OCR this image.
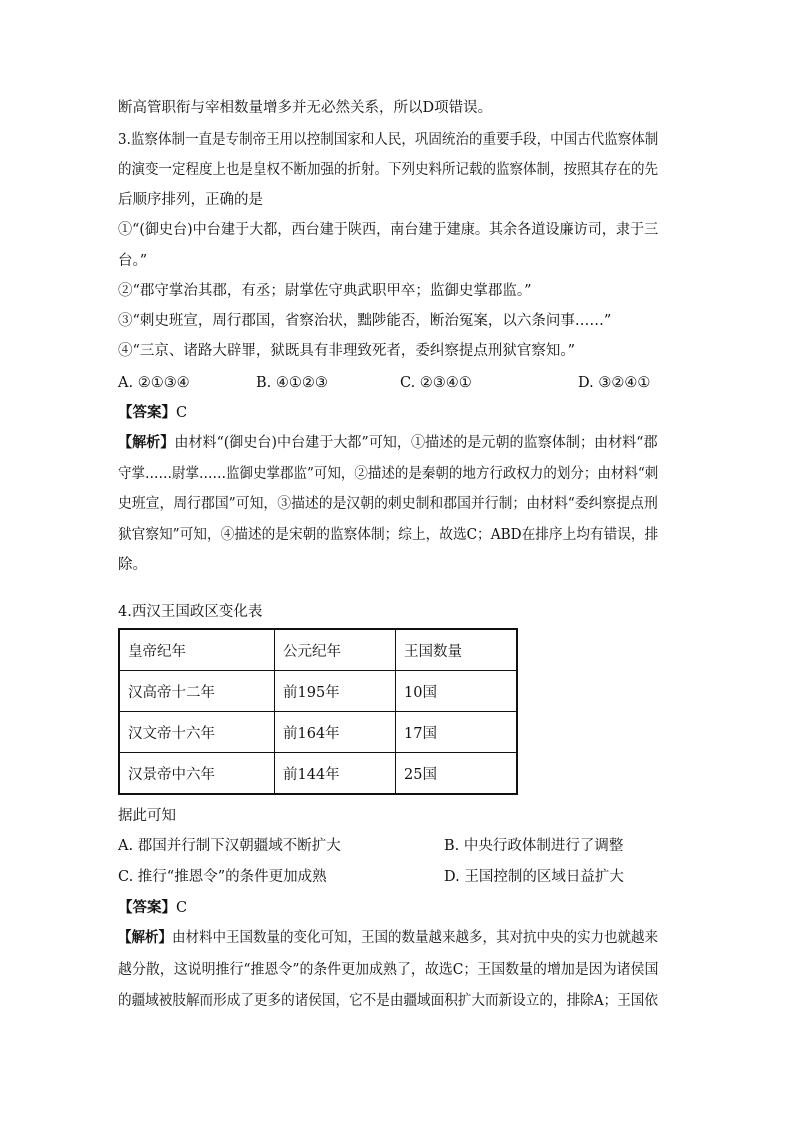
断高管职衔与宰相数量增多并无必然关系，所以D项错误。
3.监察体制一直是专制帝王用以控制国家和人民，巩固统治的重要手段，中国古代监察体制
的演变一定程度上也是皇权不断加强的折射。下列史料所记载的监察体制，按照其存在的先
后顺序排列，正确的是
①“(御史台)中台建于大都，西台建于陕西，南台建于建康。其余各道设廉访司，隶于三
台。”
②“郡守掌治其郡，有丞；尉掌佐守典武职甲卒；监御史掌郡监。”
③“刺史班宣，周行郡国，省察治状，黜陟能否，断治冤案，以六条问事……”
④“三京、诸路大辟罪，狱既具有非理致死者，委纠察提点刑狱官察知。”
A. ②①③④	B. ④①②③	C. ②③④①	D. ③②④①
【答案】C
【解析】由材料“(御史台)中台建于大都”可知，①描述的是元朝的监察体制；由材料“郡
守掌……尉掌……监御史掌郡监”可知，②描述的是秦朝的地方行政权力的划分；由材料“刺
史班宣，周行郡国”可知，③描述的是汉朝的刺史制和郡国并行制；由材料“委纠察提点刑
狱官察知”可知，④描述的是宋朝的监察体制；综上，故选C；ABD在排序上均有错误，排
除。
4.西汉王国政区变化表
皇帝纪年	公元纪年	王国数量
汉高帝十二年	前195年	10国
汉文帝十六年	前164年	17国
汉景帝中六年	前144年	25国
据此可知
A. 郡国并行制下汉朝疆域不断扩大	B. 中央行政体制进行了调整
C. 推行“推恩令”的条件更加成熟	D. 王国控制的区域日益扩大
【答案】C
【解析】由材料中王国数量的变化可知，王国的数量越来越多，其对抗中央的实力也就越来
越分散，这说明推行“推恩令”的条件更加成熟了，故选C；王国数量的增加是因为诸侯国
的疆域被肢解而形成了更多的诸侯国，它不是由疆域面积扩大而新设立的，排除A；王国依
